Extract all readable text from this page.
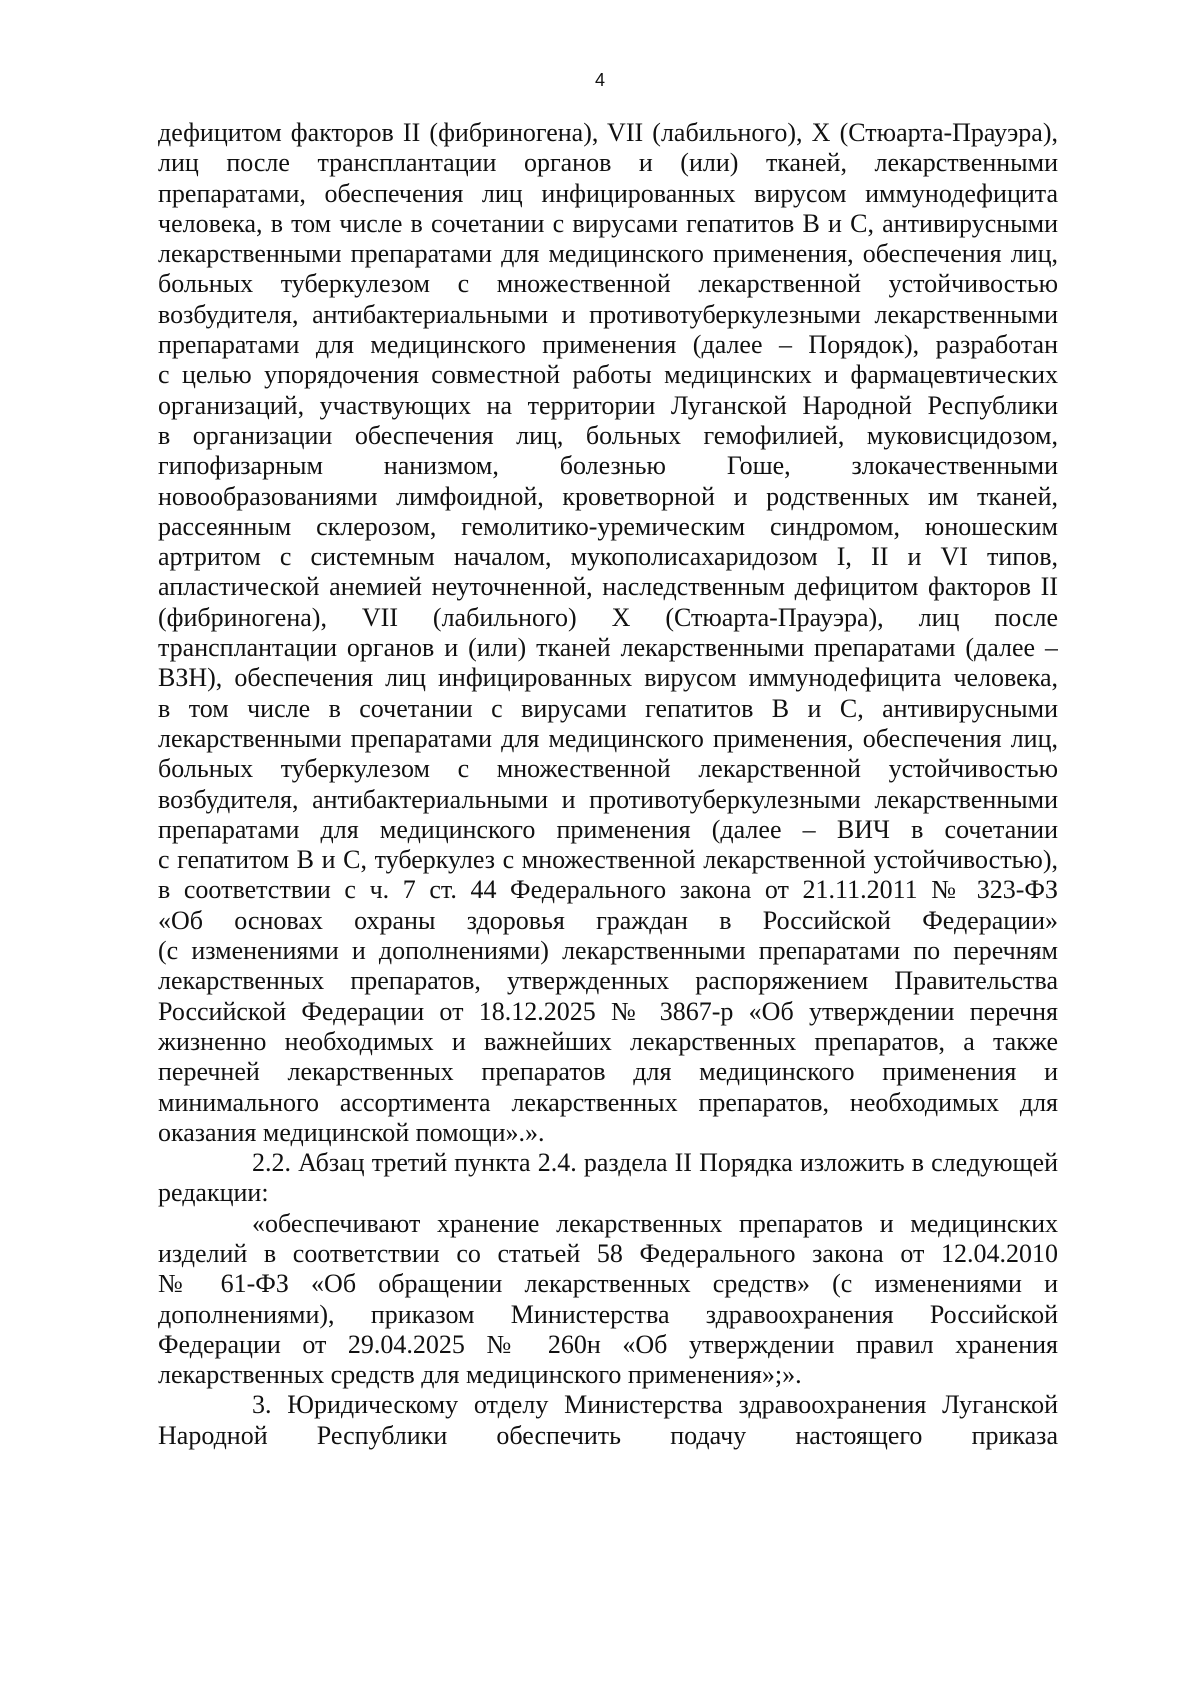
4
дефицитом факторов II (фибриногена), VII (лабильного), X (Стюарта-Прауэра),
лиц после трансплантации органов и (или) тканей, лекарственными
препаратами, обеспечения лиц инфицированных вирусом иммунодефицита
человека, в том числе в сочетании с вирусами гепатитов В и С, антивирусными
лекарственными препаратами для медицинского применения, обеспечения лиц,
больных туберкулезом с множественной лекарственной устойчивостью
возбудителя, антибактериальными и противотуберкулезными лекарственными
препаратами для медицинского применения (далее – Порядок), разработан
с целью упорядочения совместной работы медицинских и фармацевтических
организаций, участвующих на территории Луганской Народной Республики
в организации обеспечения лиц, больных гемофилией, муковисцидозом,
гипофизарным нанизмом, болезнью Гоше, злокачественными
новообразованиями лимфоидной, кроветворной и родственных им тканей,
рассеянным склерозом, гемолитико-уремическим синдромом, юношеским
артритом с системным началом, мукополисахаридозом I, II и VI типов,
апластической анемией неуточненной, наследственным дефицитом факторов II
(фибриногена), VII (лабильного) X (Стюарта-Прауэра), лиц после
трансплантации органов и (или) тканей лекарственными препаратами (далее –
ВЗН), обеспечения лиц инфицированных вирусом иммунодефицита человека,
в том числе в сочетании с вирусами гепатитов В и С, антивирусными
лекарственными препаратами для медицинского применения, обеспечения лиц,
больных туберкулезом с множественной лекарственной устойчивостью
возбудителя, антибактериальными и противотуберкулезными лекарственными
препаратами для медицинского применения (далее – ВИЧ в сочетании
с гепатитом В и С, туберкулез с множественной лекарственной устойчивостью),
в соответствии с ч. 7 ст. 44 Федерального закона от 21.11.2011 № 323-ФЗ
«Об основах охраны здоровья граждан в Российской Федерации»
(с изменениями и дополнениями) лекарственными препаратами по перечням
лекарственных препаратов, утвержденных распоряжением Правительства
Российской Федерации от 18.12.2025 № 3867-р «Об утверждении перечня
жизненно необходимых и важнейших лекарственных препаратов, а также
перечней лекарственных препаратов для медицинского применения и
минимального ассортимента лекарственных препаратов, необходимых для
оказания медицинской помощи».».
2.2. Абзац третий пункта 2.4. раздела II Порядка изложить в следующей
редакции:
«обеспечивают хранение лекарственных препаратов и медицинских
изделий в соответствии со статьей 58 Федерального закона от 12.04.2010
№ 61-ФЗ «Об обращении лекарственных средств» (с изменениями и
дополнениями), приказом Министерства здравоохранения Российской
Федерации от 29.04.2025 № 260н «Об утверждении правил хранения
лекарственных средств для медицинского применения»;».
3. Юридическому отделу Министерства здравоохранения Луганской
Народной Республики обеспечить подачу настоящего приказа
